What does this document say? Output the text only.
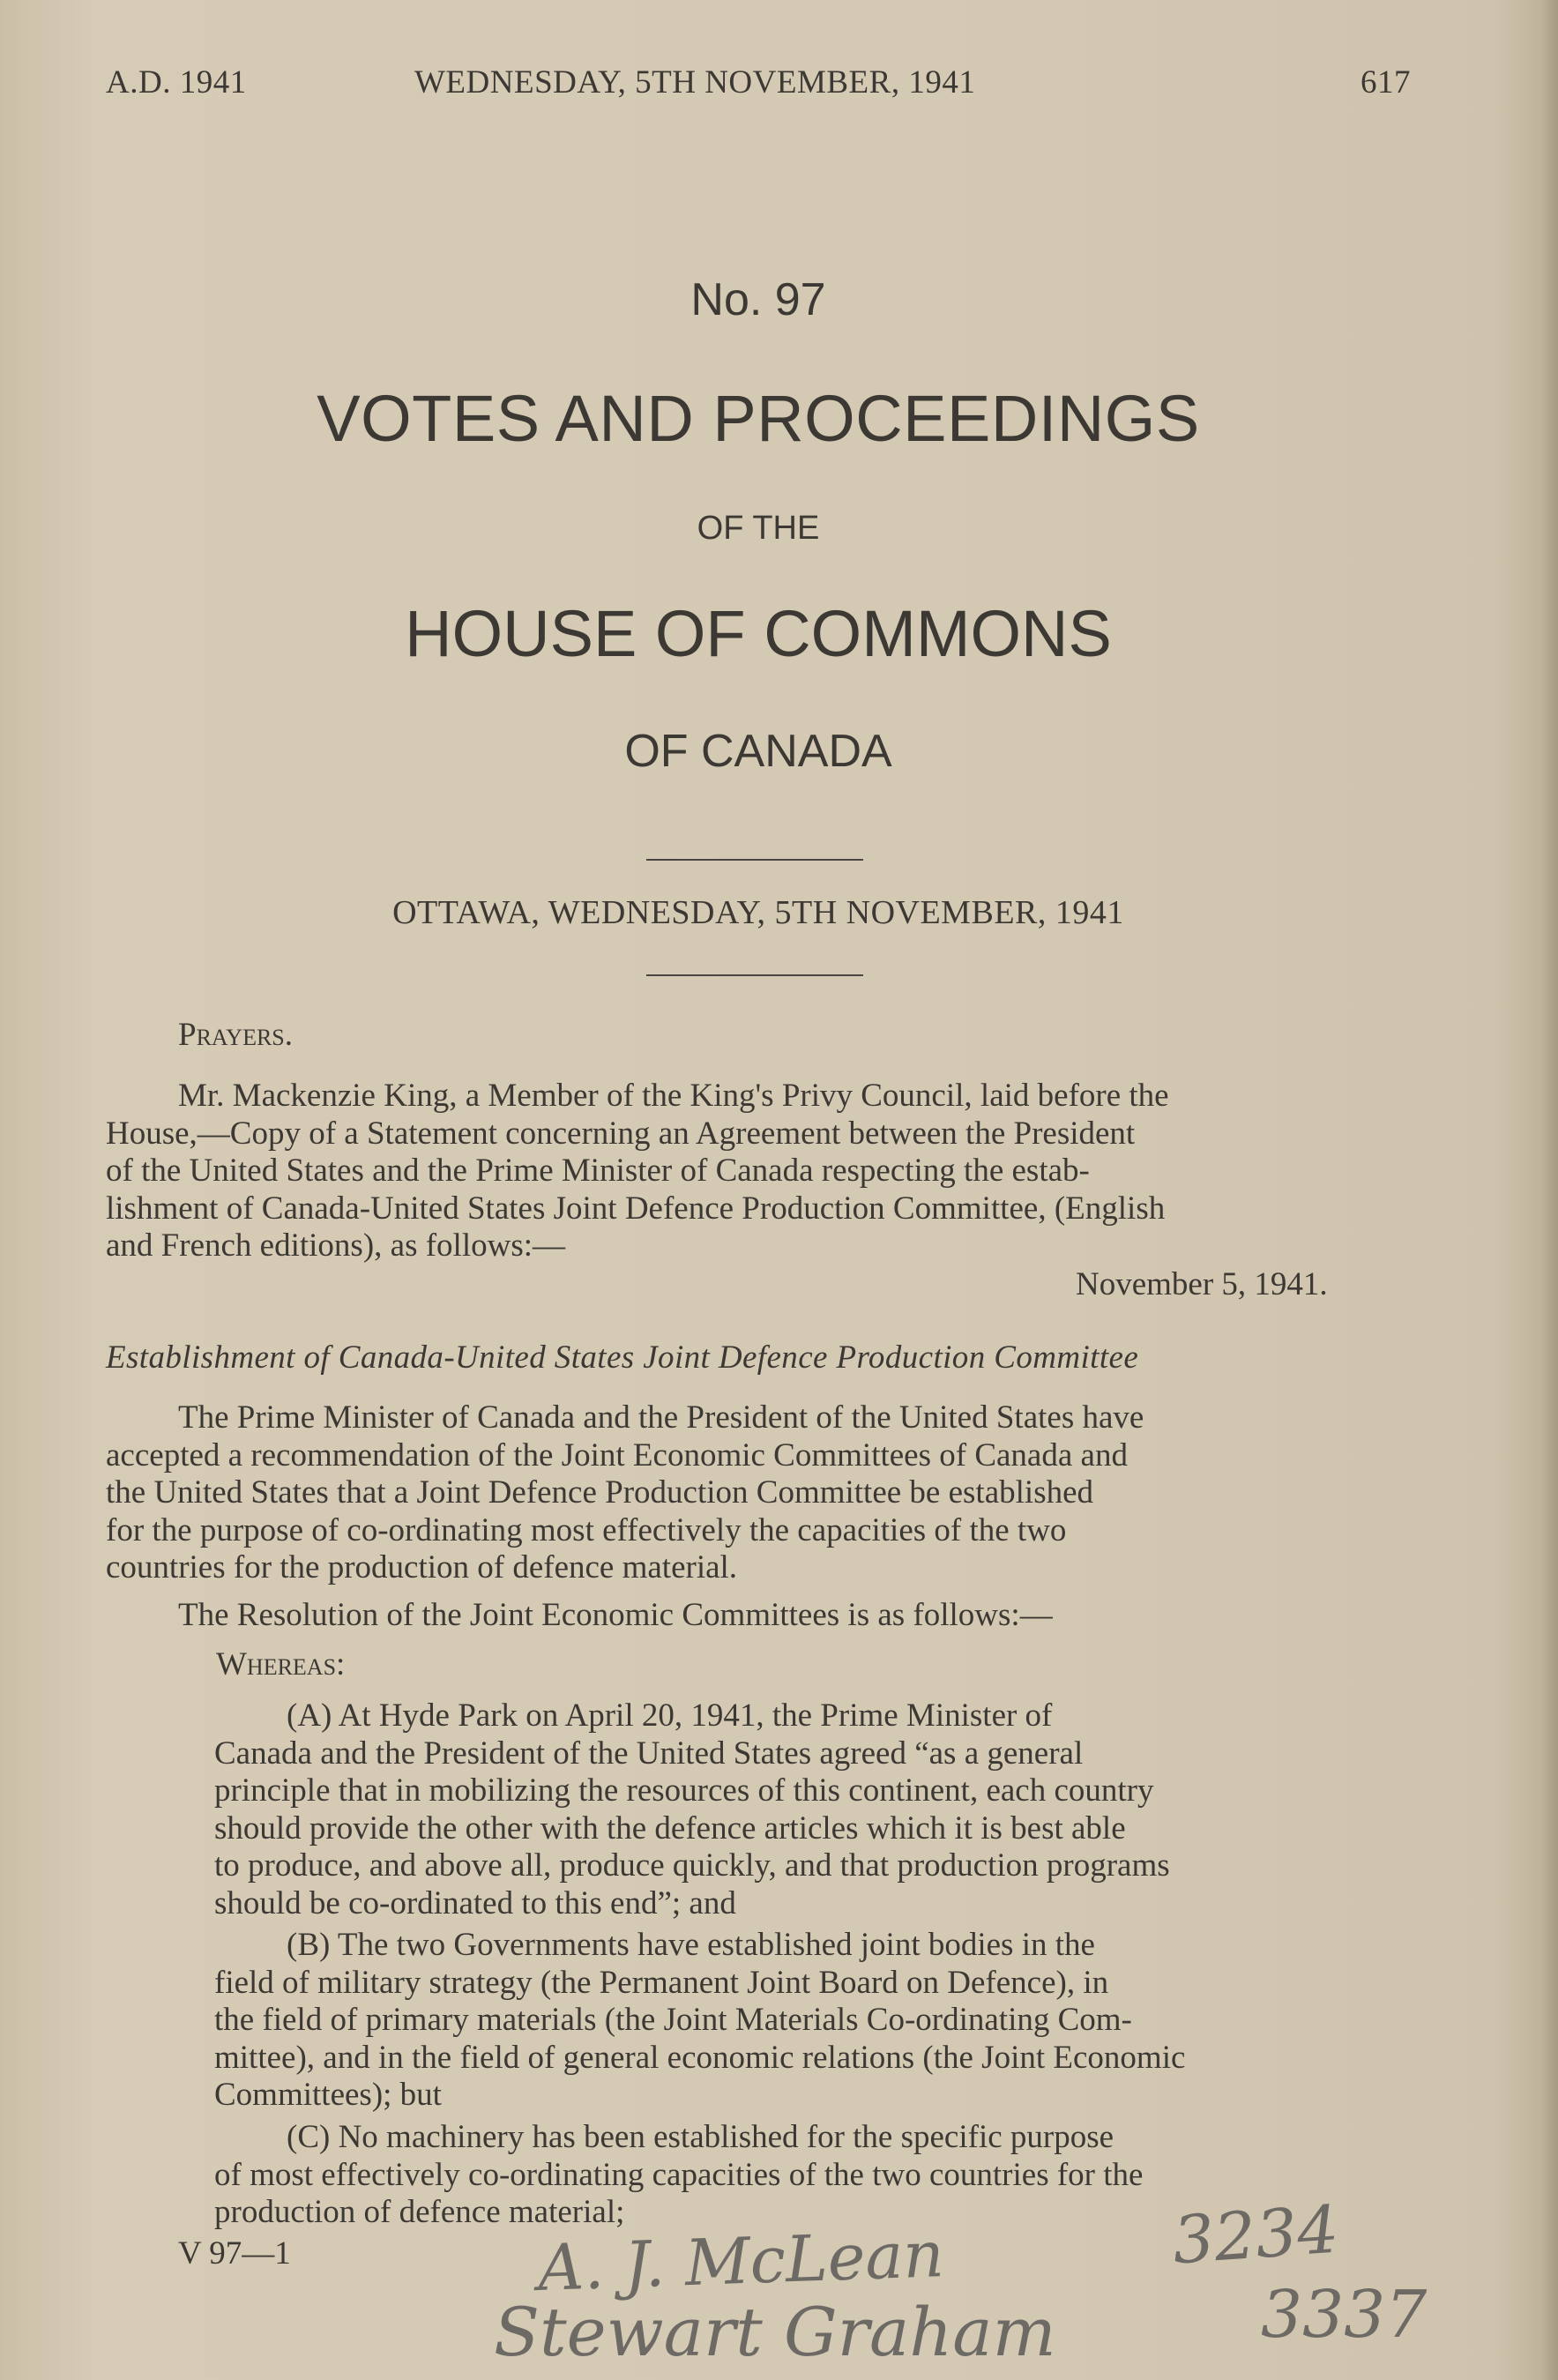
A.D. 1941	WEDNESDAY, 5TH NOVEMBER, 1941	617
No. 97
VOTES AND PROCEEDINGS
OF THE
HOUSE OF COMMONS
OF CANADA
OTTAWA, WEDNESDAY, 5TH NOVEMBER, 1941
Prayers.
Mr. Mackenzie King, a Member of the King's Privy Council, laid before the
House,—Copy of a Statement concerning an Agreement between the President
of the United States and the Prime Minister of Canada respecting the estab-
lishment of Canada-United States Joint Defence Production Committee, (English
and French editions), as follows:—
November 5, 1941.
Establishment of Canada-United States Joint Defence Production Committee
The Prime Minister of Canada and the President of the United States have
accepted a recommendation of the Joint Economic Committees of Canada and
the United States that a Joint Defence Production Committee be established
for the purpose of co-ordinating most effectively the capacities of the two
countries for the production of defence material.
The Resolution of the Joint Economic Committees is as follows:—
Whereas:
(A) At Hyde Park on April 20, 1941, the Prime Minister of
Canada and the President of the United States agreed “as a general
principle that in mobilizing the resources of this continent, each country
should provide the other with the defence articles which it is best able
to produce, and above all, produce quickly, and that production programs
should be co-ordinated to this end”; and
(B) The two Governments have established joint bodies in the
field of military strategy (the Permanent Joint Board on Defence), in
the field of primary materials (the Joint Materials Co-ordinating Com-
mittee), and in the field of general economic relations (the Joint Economic
Committees); but
(C) No machinery has been established for the specific purpose
of most effectively co-ordinating capacities of the two countries for the
production of defence material;
V 97—1	A. J. McLean	3234
Stewart Graham	3337
